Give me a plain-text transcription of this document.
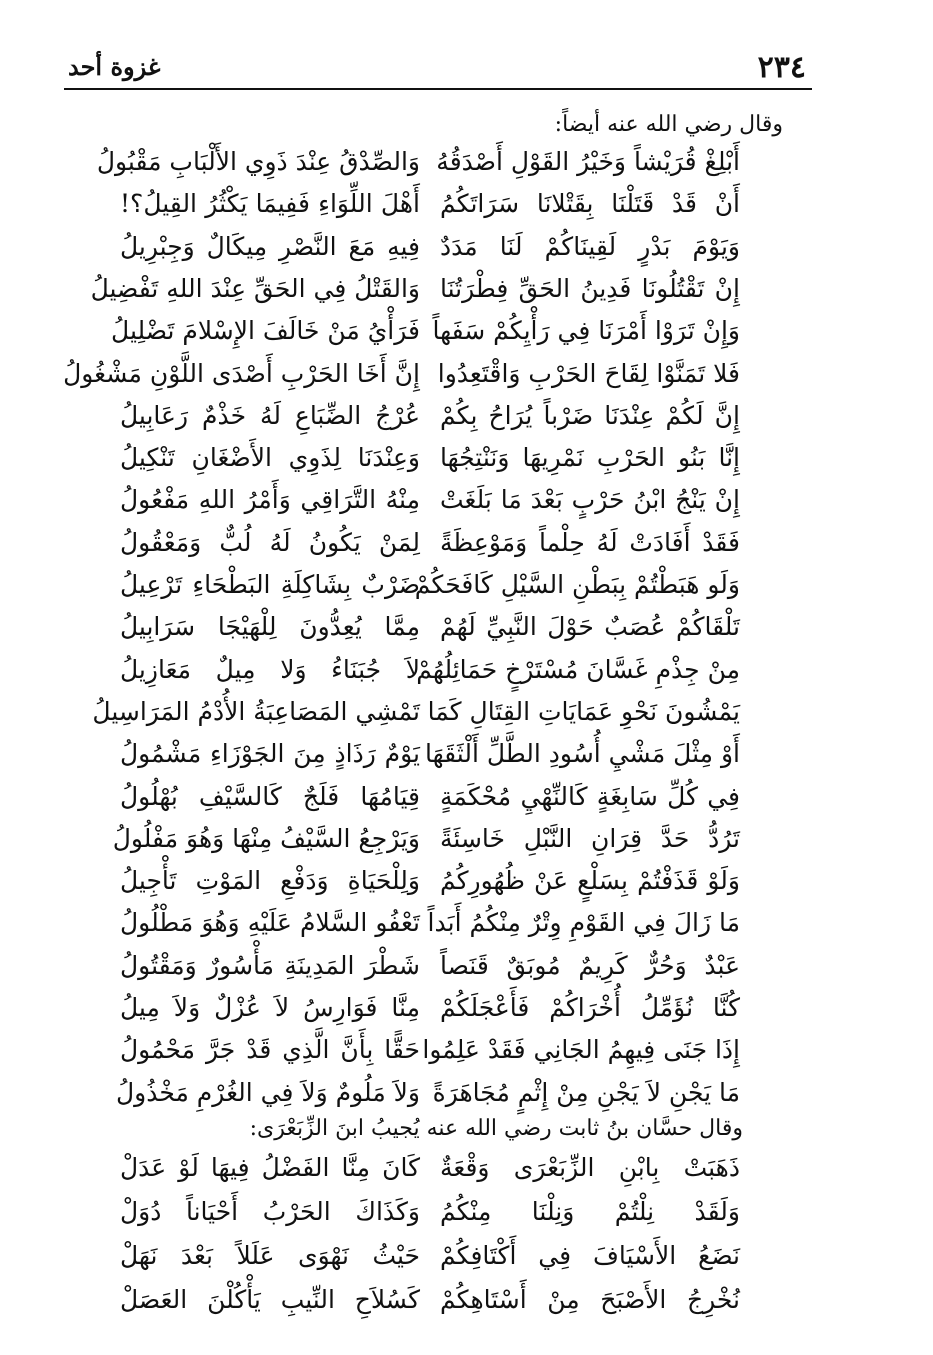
٢٣٤
غزوة أحد
وقال رضي الله عنه أيضاً:
أَبْلِغْ قُرَيْشاً وَخَيْرُ القَوْلِ أَصْدَقُهُ
وَالصِّدْقُ عِنْدَ ذَوِي الأَلْبَابِ مَقْبُولُ
أَنْ قَدْ قَتَلْنَا بِقَتْلانَا سَرَاتَكُمُ
أَهْلَ اللِّوَاءِ فَفِيمَا يَكْثُرُ القِيلُ؟!
وَيَوْمَ بَدْرٍ لَقِينَاكُمْ لَنَا مَدَدٌ
فِيهِ مَعَ النَّصْرِ مِيكَالٌ وَجِبْرِيلُ
إِنْ تَقْتُلُونَا فَدِينُ الحَقِّ فِطْرَتُنَا
وَالقَتْلُ فِي الحَقِّ عِنْدَ اللهِ تَفْضِيلُ
وَإِنْ تَرَوْا أَمْرَنَا فِي رَأْيِكُمْ سَفَهاً
فَرَأْيُ مَنْ خَالَفَ الإِسْلامَ تَضْلِيلُ
فَلا تَمَنَّوْا لِقَاحَ الحَرْبِ وَاقْتَعِدُوا
إِنَّ أَخَا الحَرْبِ أَصْدَى اللَّوْنِ مَشْغُولُ
إِنَّ لَكُمْ عِنْدَنَا ضَرْباً يُرَاحُ بِكُمْ
عُرْجُ الضِّبَاعِ لَهُ خَذْمٌ رَعَابِيلُ
إِنَّا بَنُو الحَرْبِ نَمْرِيهَا وَنَنْتِجُهَا
وَعِنْدَنَا لِذَوِي الأَضْغَانِ تَنْكِيلُ
إِنْ يَنْجُ ابْنُ حَرْبٍ بَعْدَ مَا بَلَغَتْ
مِنْهُ التَّرَاقِي وَأَمْرُ اللهِ مَفْعُولُ
فَقَدْ أَفَادَتْ لَهُ حِلْماً وَمَوْعِظَةً
لِمَنْ يَكُونُ لَهُ لُبٌّ وَمَعْقُولُ
وَلَو هَبَطْتُمْ بِبَطْنِ السَّيْلِ كَافَحَكُمْ
ضَرْبٌ بِشَاكِلَةِ البَطْحَاءِ تَرْعِيلُ
تَلْقَاكُمْ عُصَبٌ حَوْلَ النَّبِيِّ لَهُمْ
مِمَّا يُعِدُّونَ لِلْهَيْجَا سَرَابِيلُ
مِنْ جِذْمِ غَسَّانَ مُسْتَرْخٍ حَمَائِلُهُمْ
لاَ جُبَنَاءُ وَلا مِيلٌ مَعَازِيلُ
يَمْشُونَ نَحْوِ عَمَايَاتِ القِتَالِ كَمَا
تَمْشِي المَصَاعِبَةُ الأُدْمُ المَرَاسِيلُ
أَوْ مِثْلَ مَشْيِ أُسُودِ الطَّلِّ أَلْثَقَهَا
يَوْمٌ رَذَاذٍ مِنَ الجَوْزَاءِ مَشْمُولُ
فِي كُلِّ سَابِغَةٍ كَالنِّهْيِ مُحْكَمَةٍ
قِيَامُهَا فَلَجٌ كَالسَّيْفِ بُهْلُولُ
تَرُدُّ حَدَّ قِرَانِ النَّبْلِ خَاسِئَةً
وَيَرْجِعُ السَّيْفُ مِنْهَا وَهُوَ مَفْلُولُ
وَلَوْ قَذَفْتُمْ بِسَلْعٍ عَنْ ظُهُورِكُمُ
وَلِلْحَيَاةِ وَدَفْعِ المَوْتِ تَأْجِيلُ
مَا زَالَ فِي القَوْمِ وِتْرٌ مِنْكُمُ أَبَداً
تَعْفُو السَّلامُ عَلَيْهِ وَهُوَ مَطْلُولُ
عَبْدٌ وَحُرٌّ كَرِيمٌ مُوبَقٌ قَنَصاً
شَطْرَ المَدِينَةِ مَأْسُورٌ وَمَقْتُولُ
كُنَّا نُؤَمِّلُ أُخْرَاكُمْ فَأَعْجَلَكُمْ
مِنَّا فَوَارِسُ لاَ عُزْلٌ وَلاَ مِيلُ
إِذَا جَنَى فِيهِمُ الجَانِي فَقَدْ عَلِمُوا
حَقًّا بِأَنَّ الَّذِي قَدْ جَرَّ مَحْمُولُ
مَا يَجْنِ لاَ يَجْنِ مِنْ إِثْمٍ مُجَاهَرَةً
وَلاَ مَلُومٌ وَلاَ فِي الغُرْمِ مَخْذُولُ
وقال حسَّان بنُ ثابت رضي الله عنه يُجيبُ ابنَ الزِّبَعْرَى:
ذَهَبَتْ بِابْنِ الزِّبَعْرَى وَقْعَةٌ
كَانَ مِنَّا الفَضْلُ فِيهَا لَوْ عَدَلْ
وَلَقَدْ نِلْتُمْ وَنِلْنَا مِنْكُمُ
وَكَذَاكَ الحَرْبُ أَحْيَاناً دُوَلْ
نَضَعُ الأَسْيَافَ فِي أَكْتَافِكُمْ
حَيْثُ نَهْوَى عَلَلاً بَعْدَ نَهَلْ
نُخْرِجُ الأَصْبَحَ مِنْ أَسْتَاهِكُمْ
كَسُلاَحِ النِّيبِ يَأْكُلْنَ العَصَلْ
